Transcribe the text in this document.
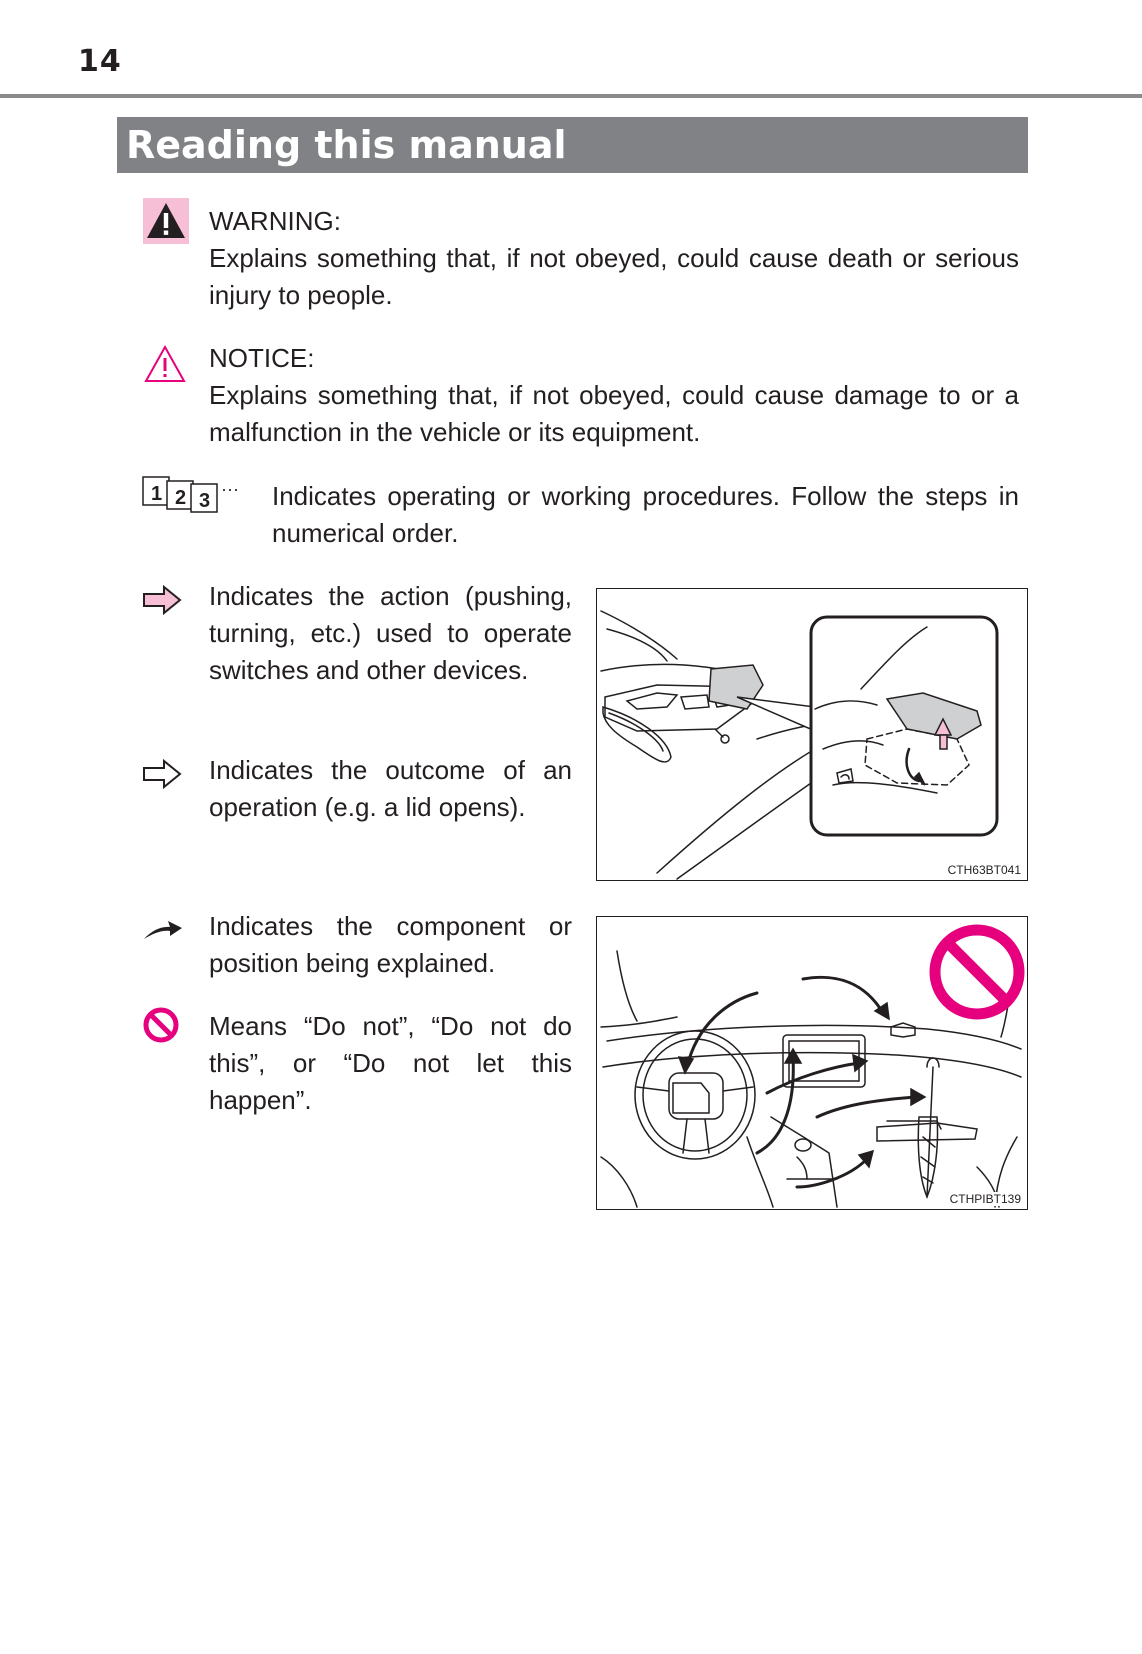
14
Reading this manual
WARNING:
Explains something that, if not obeyed, could cause death or serious injury to people.
NOTICE:
Explains something that, if not obeyed, could cause damage to or a malfunction in the vehicle or its equipment.
1 2 3
··· Indicates operating or working procedures. Follow the steps in numerical order.
Indicates the action (pushing, turning, etc.) used to operate switches and other devices.
Indicates the outcome of an operation (e.g. a lid opens).
Indicates the component or position being explained.
Means “Do not”, “Do not do this”, or “Do not let this happen”.
CTH63BT041
CTHPIBT139
